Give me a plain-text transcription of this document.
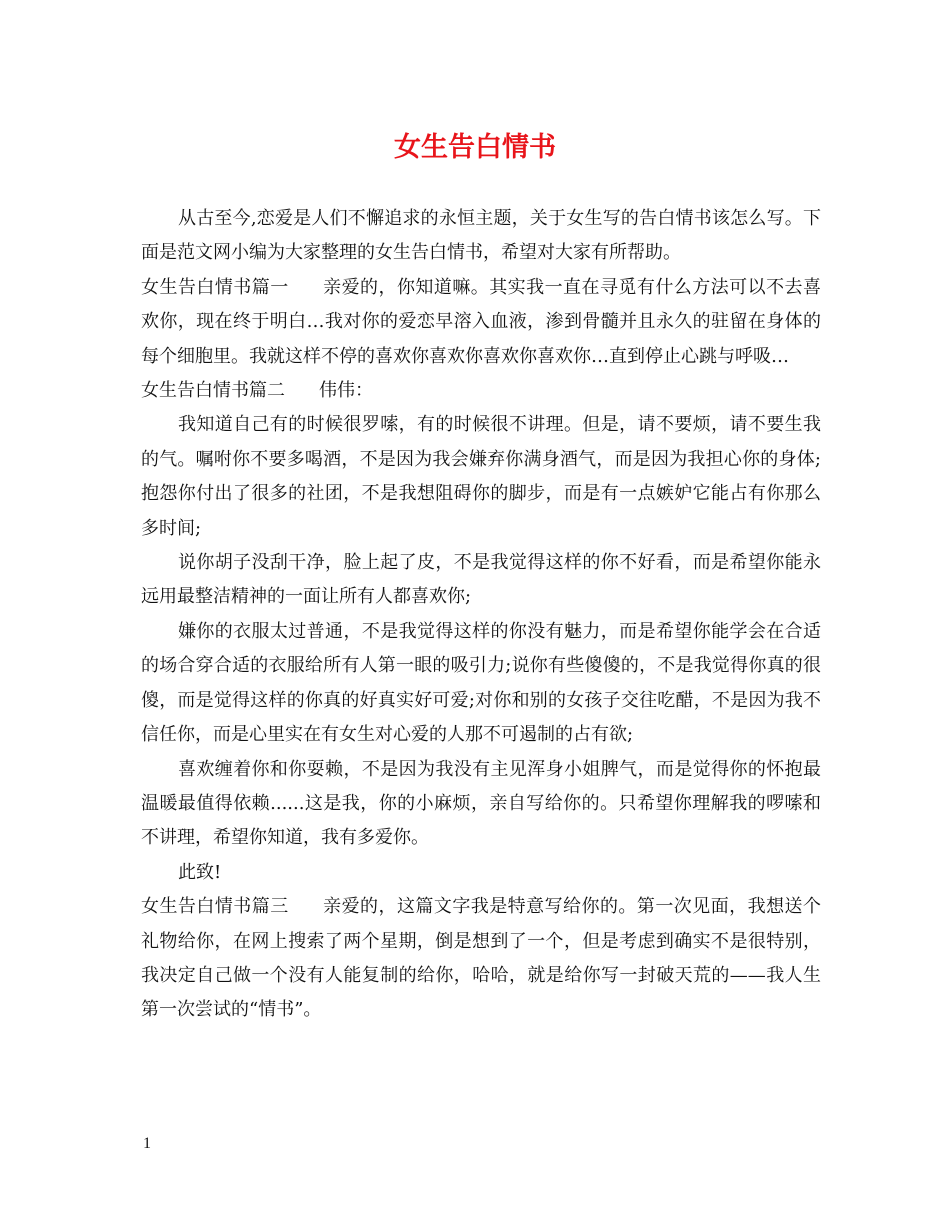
女生告白情书

从古至今,恋爱是人们不懈追求的永恒主题，关于女生写的告白情书该怎么写。下面是范文网小编为大家整理的女生告白情书，希望对大家有所帮助。

女生告白情书篇一 亲爱的，你知道嘛。其实我一直在寻觅有什么方法可以不去喜欢你，现在终于明白…我对你的爱恋早溶入血液，渗到骨髓并且永久的驻留在身体的每个细胞里。我就这样不停的喜欢你喜欢你喜欢你喜欢你…直到停止心跳与呼吸…

女生告白情书篇二 伟伟：

我知道自己有的时候很罗嗦，有的时候很不讲理。但是，请不要烦，请不要生我的气。嘱咐你不要多喝酒，不是因为我会嫌弃你满身酒气，而是因为我担心你的身体;抱怨你付出了很多的社团，不是我想阻碍你的脚步，而是有一点嫉妒它能占有你那么多时间;

说你胡子没刮干净，脸上起了皮，不是我觉得这样的你不好看，而是希望你能永远用最整洁精神的一面让所有人都喜欢你;

嫌你的衣服太过普通，不是我觉得这样的你没有魅力，而是希望你能学会在合适的场合穿合适的衣服给所有人第一眼的吸引力;说你有些傻傻的，不是我觉得你真的很傻，而是觉得这样的你真的好真实好可爱;对你和别的女孩子交往吃醋，不是因为我不信任你，而是心里实在有女生对心爱的人那不可遏制的占有欲;

喜欢缠着你和你耍赖，不是因为我没有主见浑身小姐脾气，而是觉得你的怀抱最温暖最值得依赖......这是我，你的小麻烦，亲自写给你的。只希望你理解我的啰嗦和不讲理，希望你知道，我有多爱你。

此致!

女生告白情书篇三 亲爱的，这篇文字我是特意写给你的。第一次见面，我想送个礼物给你，在网上搜索了两个星期，倒是想到了一个，但是考虑到确实不是很特别，我决定自己做一个没有人能复制的给你，哈哈，就是给你写一封破天荒的——我人生第一次尝试的“情书”。

1
